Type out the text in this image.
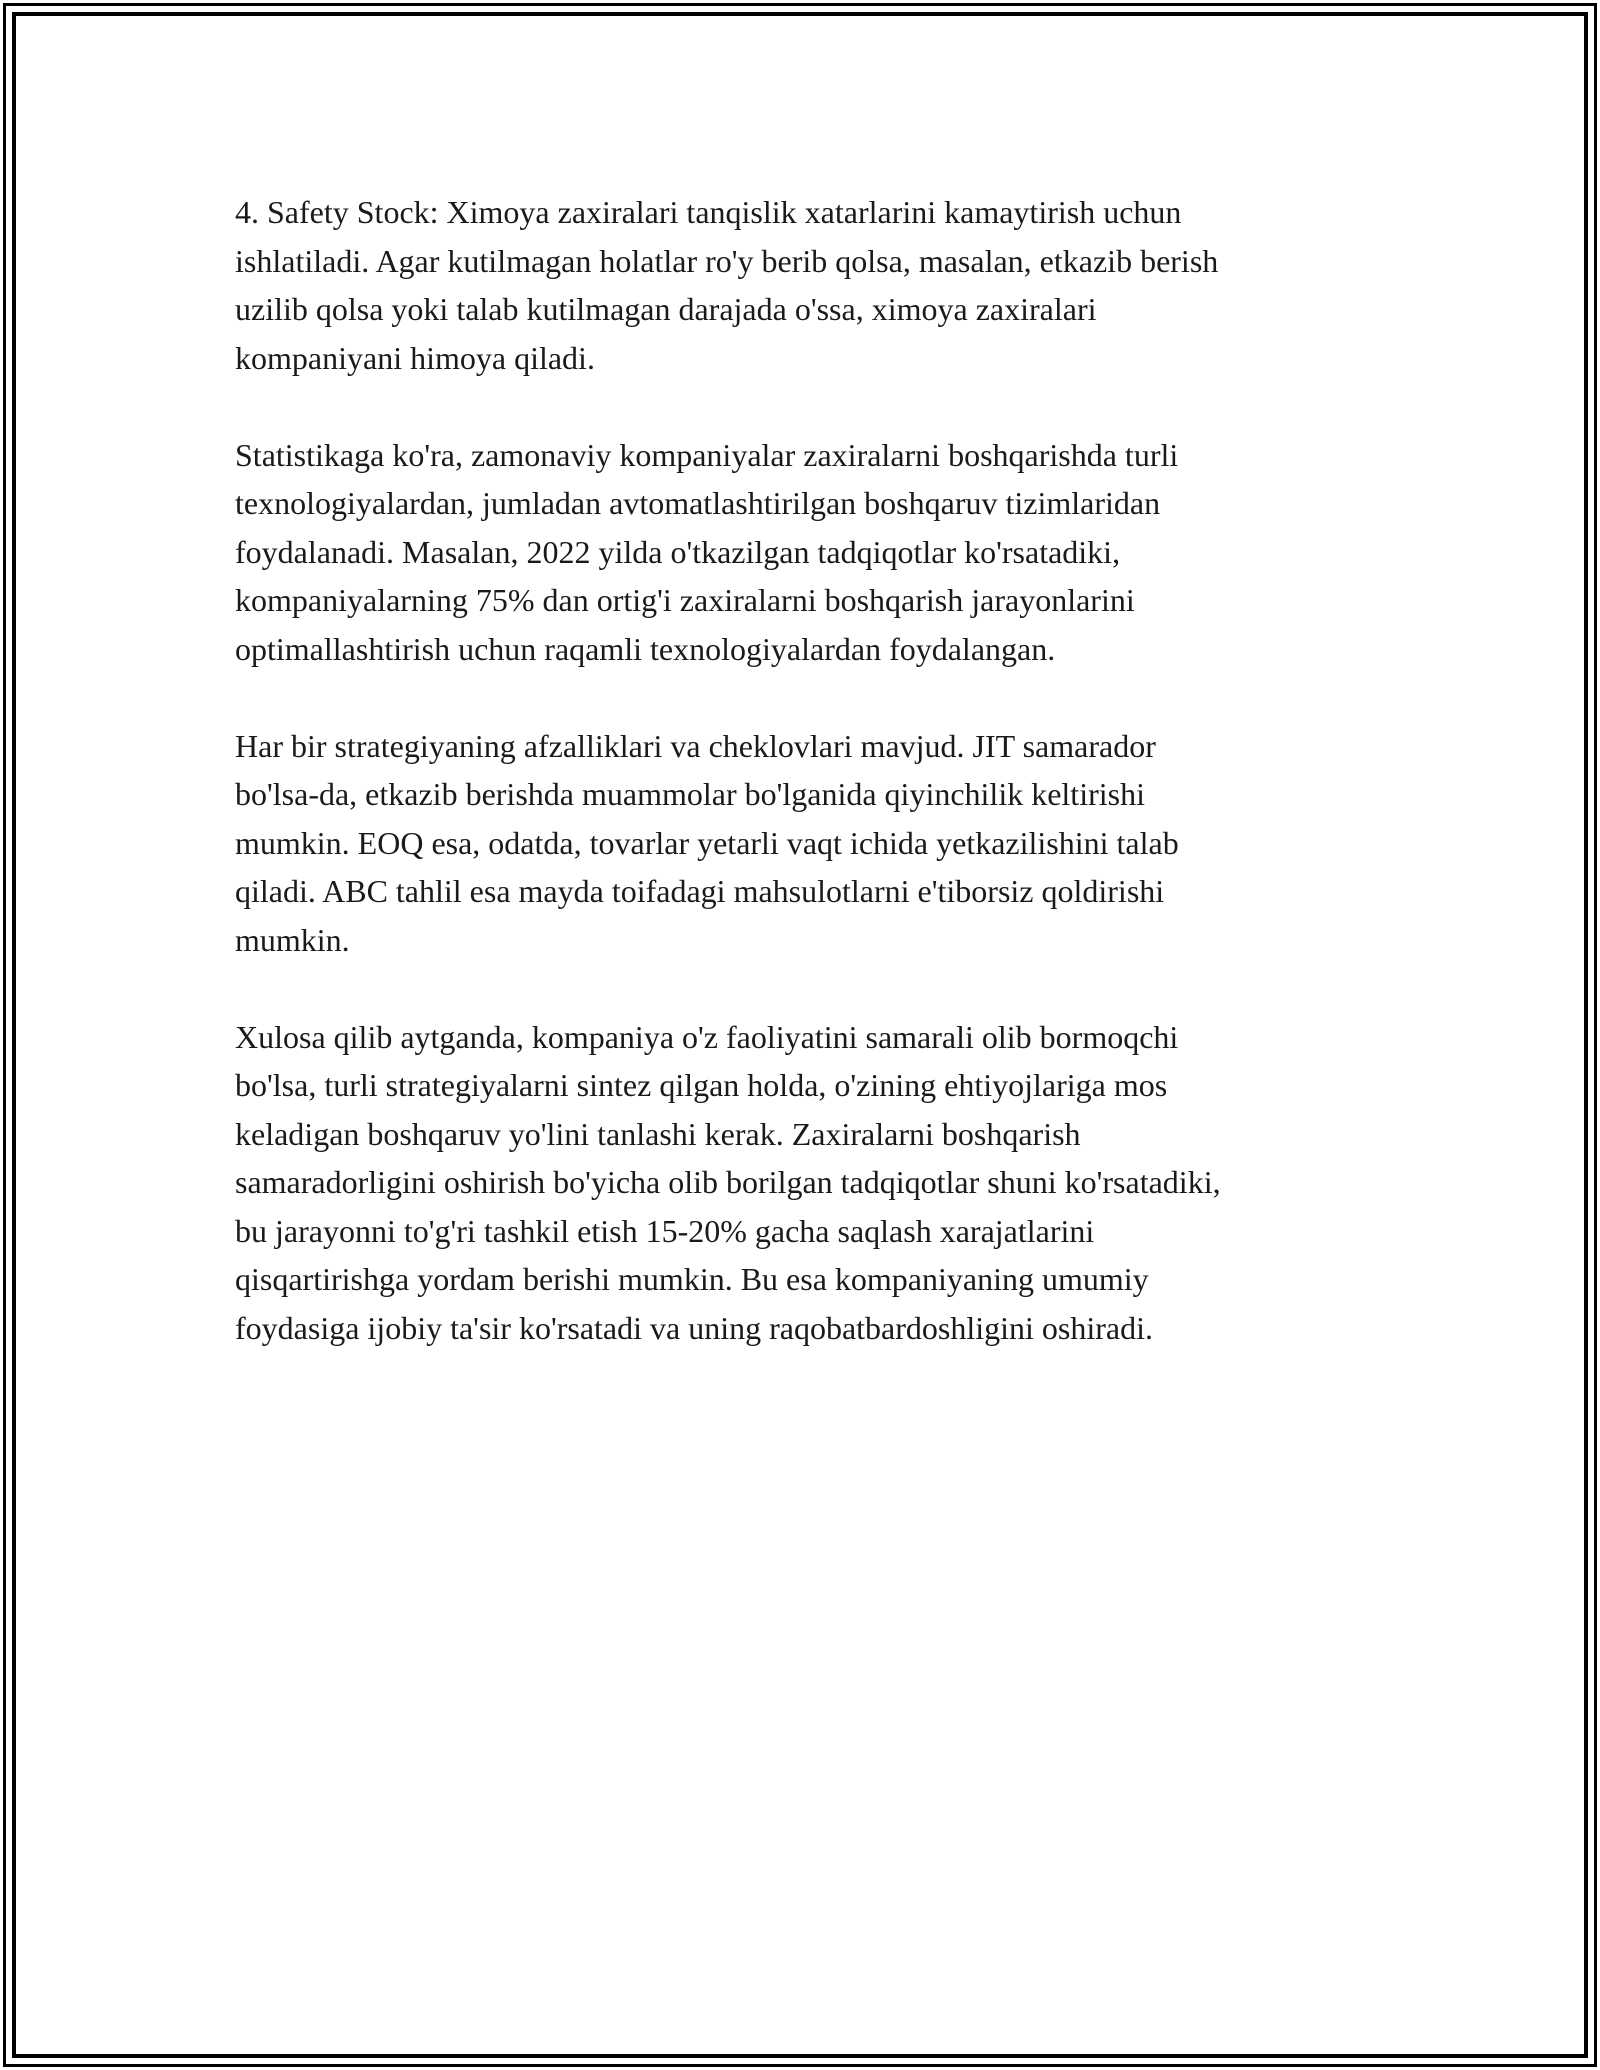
4. Safety Stock: Ximoya zaxiralari tanqislik xatarlarini kamaytirish uchun
ishlatiladi. Agar kutilmagan holatlar ro'y berib qolsa, masalan, etkazib berish
uzilib qolsa yoki talab kutilmagan darajada o'ssa, ximoya zaxiralari
kompaniyani himoya qiladi.

Statistikaga ko'ra, zamonaviy kompaniyalar zaxiralarni boshqarishda turli
texnologiyalardan, jumladan avtomatlashtirilgan boshqaruv tizimlaridan
foydalanadi. Masalan, 2022 yilda o'tkazilgan tadqiqotlar ko'rsatadiki,
kompaniyalarning 75% dan ortig'i zaxiralarni boshqarish jarayonlarini
optimallashtirish uchun raqamli texnologiyalardan foydalangan.

Har bir strategiyaning afzalliklari va cheklovlari mavjud. JIT samarador
bo'lsa-da, etkazib berishda muammolar bo'lganida qiyinchilik keltirishi
mumkin. EOQ esa, odatda, tovarlar yetarli vaqt ichida yetkazilishini talab
qiladi. ABC tahlil esa mayda toifadagi mahsulotlarni e'tiborsiz qoldirishi
mumkin.

Xulosa qilib aytganda, kompaniya o'z faoliyatini samarali olib bormoqchi
bo'lsa, turli strategiyalarni sintez qilgan holda, o'zining ehtiyojlariga mos
keladigan boshqaruv yo'lini tanlashi kerak. Zaxiralarni boshqarish
samaradorligini oshirish bo'yicha olib borilgan tadqiqotlar shuni ko'rsatadiki,
bu jarayonni to'g'ri tashkil etish 15-20% gacha saqlash xarajatlarini
qisqartirishga yordam berishi mumkin. Bu esa kompaniyaning umumiy
foydasiga ijobiy ta'sir ko'rsatadi va uning raqobatbardoshligini oshiradi.
